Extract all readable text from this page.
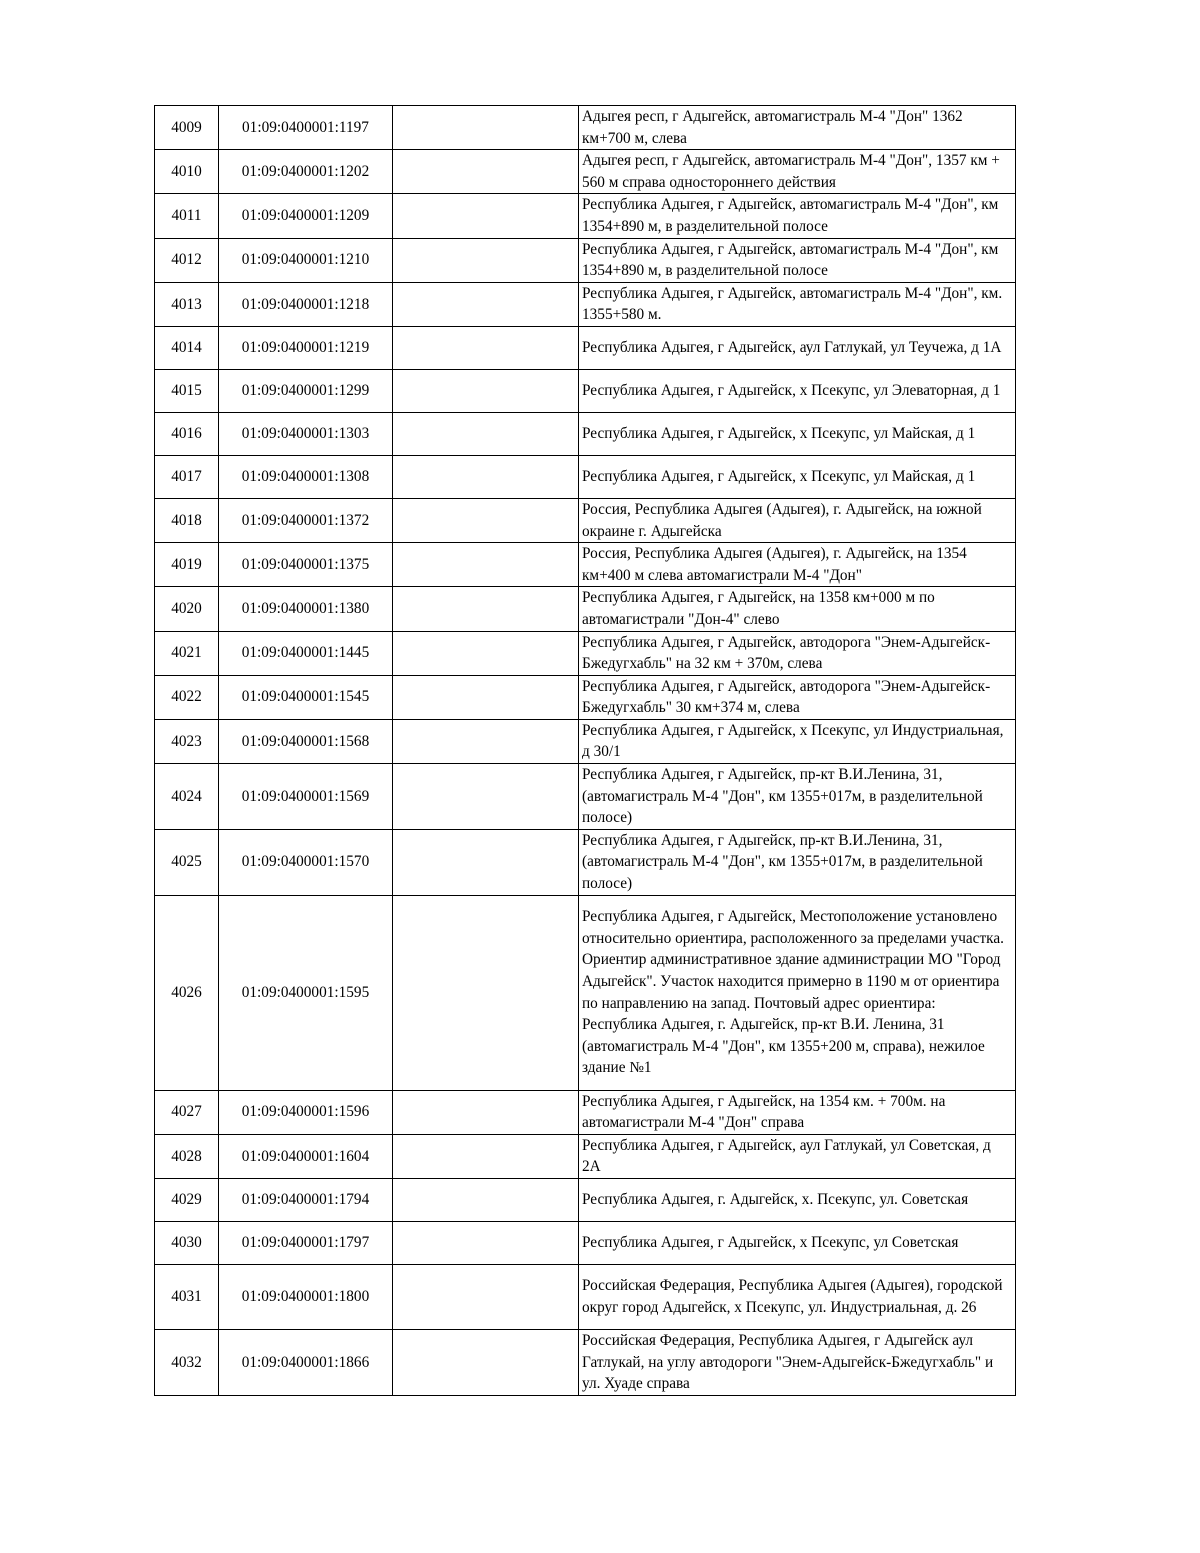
4009	01:09:0400001:1197		Адыгея респ, г Адыгейск, автомагистраль М-4 "Дон" 1362 км+700 м, слева
4010	01:09:0400001:1202		Адыгея респ, г Адыгейск, автомагистраль М-4 "Дон", 1357 км + 560 м справа одностороннего действия
4011	01:09:0400001:1209		Республика Адыгея, г Адыгейск, автомагистраль М-4 "Дон", км 1354+890 м, в разделительной полосе
4012	01:09:0400001:1210		Республика Адыгея, г Адыгейск, автомагистраль М-4 "Дон", км 1354+890 м, в разделительной полосе
4013	01:09:0400001:1218		Республика Адыгея, г Адыгейск, автомагистраль М-4 "Дон", км. 1355+580 м.
4014	01:09:0400001:1219		Республика Адыгея, г Адыгейск, аул Гатлукай, ул Теучежа, д 1А
4015	01:09:0400001:1299		Республика Адыгея, г Адыгейск, х Псекупс, ул Элеваторная, д 1
4016	01:09:0400001:1303		Республика Адыгея, г Адыгейск, х Псекупс, ул Майская, д 1
4017	01:09:0400001:1308		Республика Адыгея, г Адыгейск, х Псекупс, ул Майская, д 1
4018	01:09:0400001:1372		Россия, Республика Адыгея (Адыгея), г. Адыгейск, на южной окраине г. Адыгейска
4019	01:09:0400001:1375		Россия, Республика Адыгея (Адыгея), г. Адыгейск, на 1354 км+400 м слева автомагистрали М-4 "Дон"
4020	01:09:0400001:1380		Республика Адыгея, г Адыгейск, на 1358 км+000 м по автомагистрали "Дон-4" слево
4021	01:09:0400001:1445		Республика Адыгея, г Адыгейск, автодорога "Энем-Адыгейск-Бжедугхабль" на 32 км + 370м, слева
4022	01:09:0400001:1545		Республика Адыгея, г Адыгейск, автодорога "Энем-Адыгейск-Бжедугхабль" 30 км+374 м, слева
4023	01:09:0400001:1568		Республика Адыгея, г Адыгейск, х Псекупс, ул Индустриальная, д 30/1
4024	01:09:0400001:1569		Республика Адыгея, г Адыгейск, пр-кт В.И.Ленина, 31, (автомагистраль М-4 "Дон", км 1355+017м, в разделительной полосе)
4025	01:09:0400001:1570		Республика Адыгея, г Адыгейск, пр-кт В.И.Ленина, 31, (автомагистраль М-4 "Дон", км 1355+017м, в разделительной полосе)
4026	01:09:0400001:1595		Республика Адыгея, г Адыгейск, Местоположение установлено относительно ориентира, расположенного за пределами участка. Ориентир административное здание администрации МО "Город Адыгейск". Участок находится примерно в 1190 м от ориентира по направлению на запад. Почтовый адрес ориентира: Республика Адыгея, г. Адыгейск, пр-кт В.И. Ленина, 31 (автомагистраль М-4 "Дон", км 1355+200 м, справа), нежилое здание №1
4027	01:09:0400001:1596		Республика Адыгея, г Адыгейск, на 1354 км. + 700м. на автомагистрали М-4 "Дон" справа
4028	01:09:0400001:1604		Республика Адыгея, г Адыгейск, аул Гатлукай, ул Советская, д 2А
4029	01:09:0400001:1794		Республика Адыгея, г. Адыгейск, х. Псекупс, ул. Советская
4030	01:09:0400001:1797		Республика Адыгея, г Адыгейск, х Псекупс, ул Советская
4031	01:09:0400001:1800		Российская Федерация, Республика Адыгея (Адыгея), городской округ город Адыгейск, х Псекупс, ул. Индустриальная, д. 26
4032	01:09:0400001:1866		Российская Федерация, Республика Адыгея, г Адыгейск аул Гатлукай, на углу автодороги "Энем-Адыгейск-Бжедугхабль" и ул. Хуаде справа
